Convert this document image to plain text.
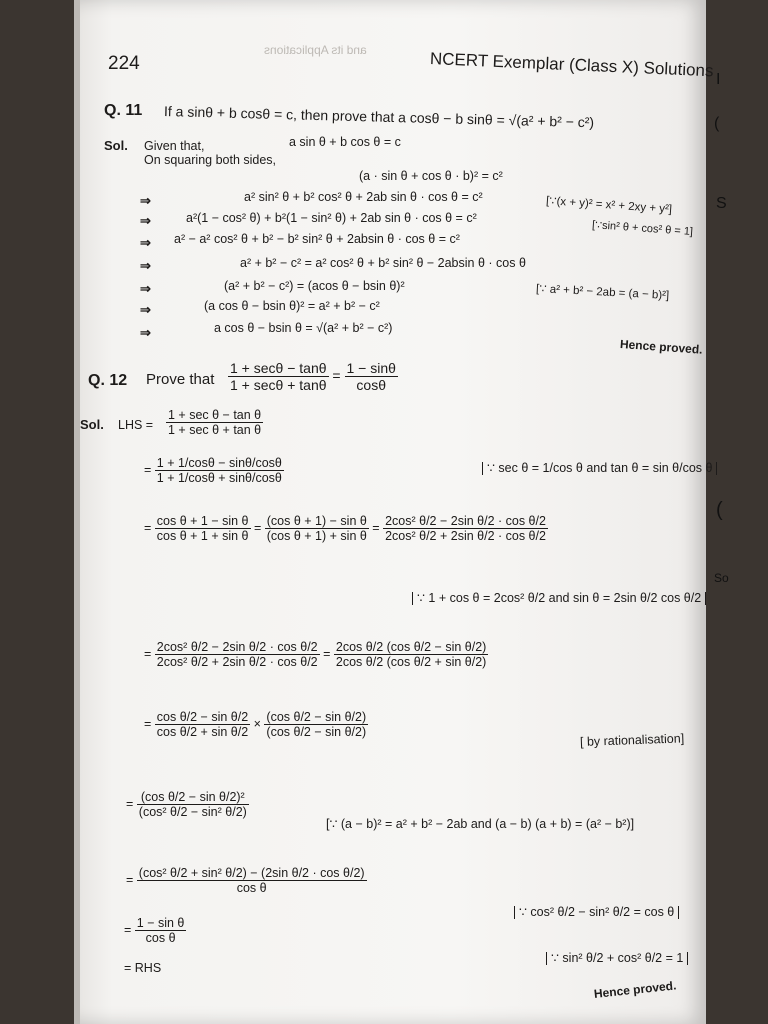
224
and its Applications	NCERT Exemplar (Class X) Solutions
Q. 11 If a sinθ + b cosθ = c, then prove that a cosθ − b sinθ = √(a² + b² − c²)
Sol. Given that,	a sin θ + b cos θ = c
On squaring both sides,
(a · sin θ + cos θ · b)² = c²
⇒	a² sin² θ + b² cos² θ + 2ab sin θ · cos θ = c²	[∵(x + y)² = x² + 2xy + y²]
⇒	a²(1 − cos² θ) + b²(1 − sin² θ) + 2ab sin θ · cos θ = c²
[∵sin² θ + cos² θ = 1]
⇒ a² − a² cos² θ + b² − b² sin² θ + 2absin θ · cos θ = c²
⇒	a² + b² − c² = a² cos² θ + b² sin² θ − 2absin θ · cos θ
⇒	(a² + b² − c²) = (acos θ − bsin θ)²	[∵ a² + b² − 2ab = (a − b)²]
⇒	(a cos θ − bsin θ)² = a² + b² − c²
⇒	a cos θ − bsin θ = √(a² + b² − c²)
Hence proved.
Q. 12 Prove that $\frac{1 + \sec\theta - \tan\theta}{1 + \sec\theta + \tan\theta} = \frac{1 - \sin\theta}{\cos\theta}$
Sol. LHS = $\frac{\text{1 + sec θ − tan θ}}{\text{1 + sec θ + tan θ}}$
= $\frac{1 + 1/\cos\theta - \sin\theta/\cos\theta}{1 + 1/\cos\theta + \sin\theta/\cos\theta}$	∵ sec θ = 1/cos θ and tan θ = sin θ/cos θ
= $\frac{\text{cos θ + 1 − sin θ}}{\text{cos θ + 1 + sin θ}} = \frac{\text{(cos θ + 1) − sin θ}}{\text{(cos θ + 1) + sin θ}} = \frac{\text{2cos² θ/2 − 2sin θ/2 · cos θ/2}}{\text{2cos² θ/2 + 2sin θ/2 · cos θ/2}}$
∵ 1 + cos θ = 2cos² θ/2 and sin θ = 2sin θ/2 cos θ/2
= $\frac{\text{2cos² θ/2 − 2sin θ/2 · cos θ/2}}{\text{2cos² θ/2 + 2sin θ/2 · cos θ/2}} = \frac{\text{2cos θ/2 (cos θ/2 − sin θ/2)}}{\text{2cos θ/2 (cos θ/2 + sin θ/2)}}$
= $\frac{\text{cos θ/2 − sin θ/2}}{\text{cos θ/2 + sin θ/2}} \times \frac{\text{(cos θ/2 − sin θ/2)}}{\text{(cos θ/2 − sin θ/2)}}$
[ by rationalisation]
= $\frac{\text{(cos θ/2 − sin θ/2)²}}{\text{(cos² θ/2 − sin² θ/2)}}$
[∵ (a − b)² = a² + b² − 2ab and (a − b) (a + b) = (a² − b²)]
= $\frac{\text{(cos² θ/2 + sin² θ/2) − (2sin θ/2 · cos θ/2)}}{\text{cos θ}}$
∵ cos² θ/2 − sin² θ/2 = cos θ
∵ sin² θ/2 + cos² θ/2 = 1
= $\frac{\text{1 − sin θ}}{\text{cos θ}}$
= RHS
Hence proved.
I
(
S
(
So
